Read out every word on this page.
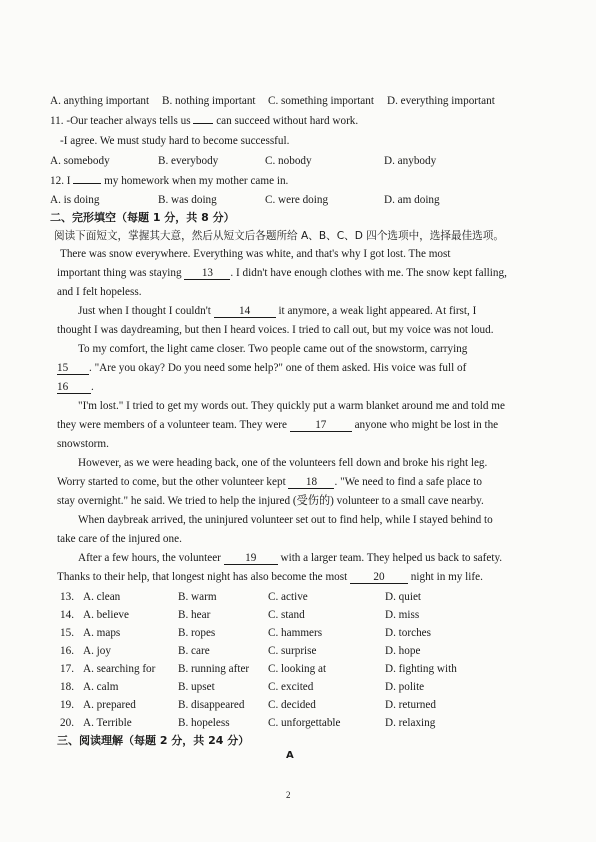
A. anything important B. nothing important C. something important D. everything important
11. -Our teacher always tells us can succeed without hard work.
-I agree. We must study hard to become successful.
A. somebody	B. everybody	C. nobody	D. anybody
12. I	my homework when my mother came in.
A. is doing	B. was doing	C. were doing	D. am doing
二、完形填空（每题 1 分，共 8 分）
阅读下面短文，掌握其大意，然后从短文后各题所给 A、B、C、D 四个选项中，选择最佳选项。
There was snow everywhere. Everything was white, and that's why I got lost. The most
important thing was staying 13 . I didn't have enough clothes with me. The snow kept falling,
and I felt hopeless.
Just when I thought I couldn't	14	it anymore, a weak light appeared. At first, I
thought I was daydreaming, but then I heard voices. I tried to call out, but my voice was not loud.
To my comfort, the light came closer. Two people came out of the snowstorm, carrying
15 . "Are you okay? Do you need some help?" one of them asked. His voice was full of
16 .
"I'm lost." I tried to get my words out. They quickly put a warm blanket around me and told me
they were members of a volunteer team. They were	17	anyone who might be lost in the
snowstorm.
However, as we were heading back, one of the volunteers fell down and broke his right leg.
Worry started to come, but the other volunteer kept 18 . "We need to find a safe place to
stay overnight." he said. We tried to help the injured (受伤的) volunteer to a small cave nearby.
When daybreak arrived, the uninjured volunteer set out to find help, while I stayed behind to
take care of the injured one.
After a few hours, the volunteer 19 with a larger team. They helped us back to safety.
Thanks to their help, that longest night has also become the most 20 night in my life.
13. A. clean	B. warm	C. active	D. quiet
14. A. believe	B. hear	C. stand	D. miss
15. A. maps	B. ropes	C. hammers	D. torches
16. A. joy	B. care	C. surprise	D. hope
17. A. searching for B. running after C. looking at	D. fighting with
18. A. calm	B. upset	C. excited	D. polite
19. A. prepared	B. disappeared C. decided	D. returned
20. A. Terrible	B. hopeless	C. unforgettable	D. relaxing
三、阅读理解（每题 2 分，共 24 分）
A
2
